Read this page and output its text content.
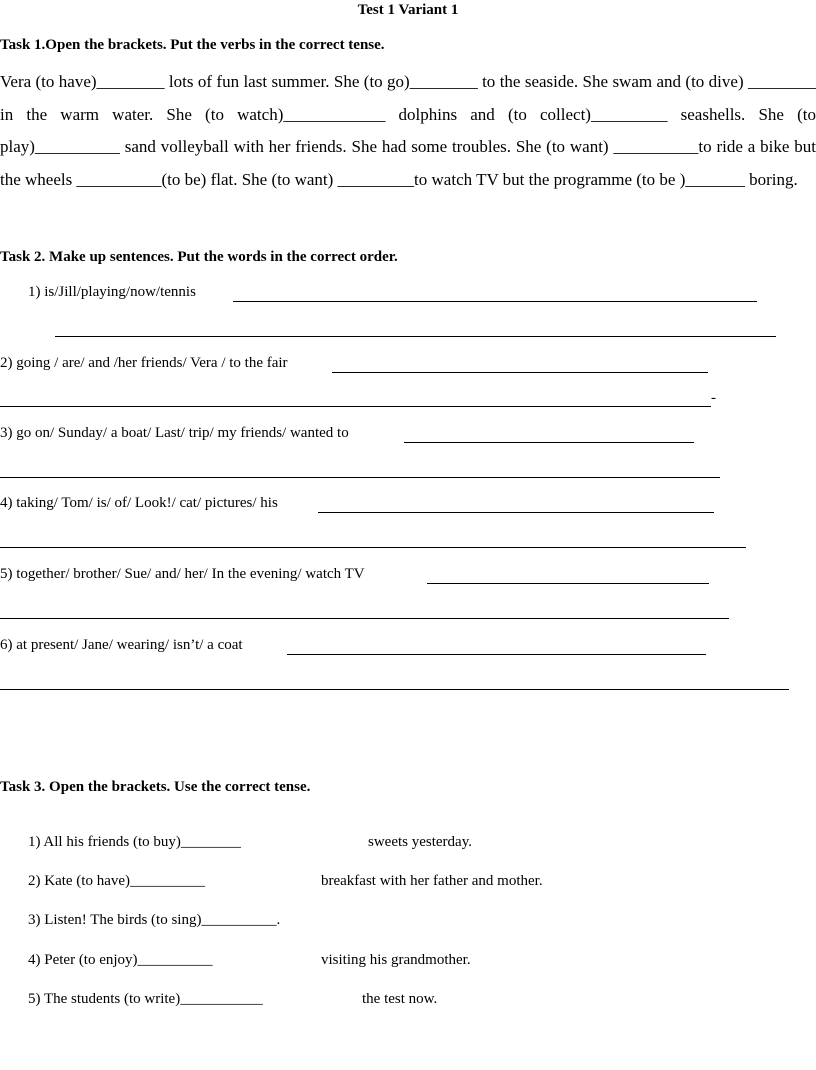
Test 1 Variant 1
Task 1.Open the brackets. Put the verbs in the correct tense.
Vera (to have)________ lots of fun last summer. She (to go)________ to the seaside. She swam and (to dive) ________ in the warm water. She (to watch)____________ dolphins and (to collect)_________ seashells. She (to play)__________ sand volleyball with her friends. She had some troubles. She (to want) __________to ride a bike but the wheels __________(to be) flat. She (to want) _________to watch TV but the programme (to be )_______ boring.
Task 2. Make up sentences. Put the words in the correct order.
1) is/Jill/playing/now/tennis
2) going / are/ and /her friends/ Vera / to the fair
-
3) go on/ Sunday/ a boat/ Last/ trip/ my friends/ wanted to
4) taking/ Tom/ is/ of/ Look!/ cat/ pictures/ his
5) together/ brother/ Sue/ and/ her/ In the evening/ watch TV
6) at present/ Jane/ wearing/ isn’t/ a coat
Task 3. Open the brackets. Use the correct tense.
1) All his friends (to buy)________	sweets yesterday.
2) Kate (to have)__________	breakfast with her father and mother.
3) Listen! The birds (to sing)__________.
4) Peter (to enjoy)__________	visiting his grandmother.
5) The students (to write)___________	the test now.
